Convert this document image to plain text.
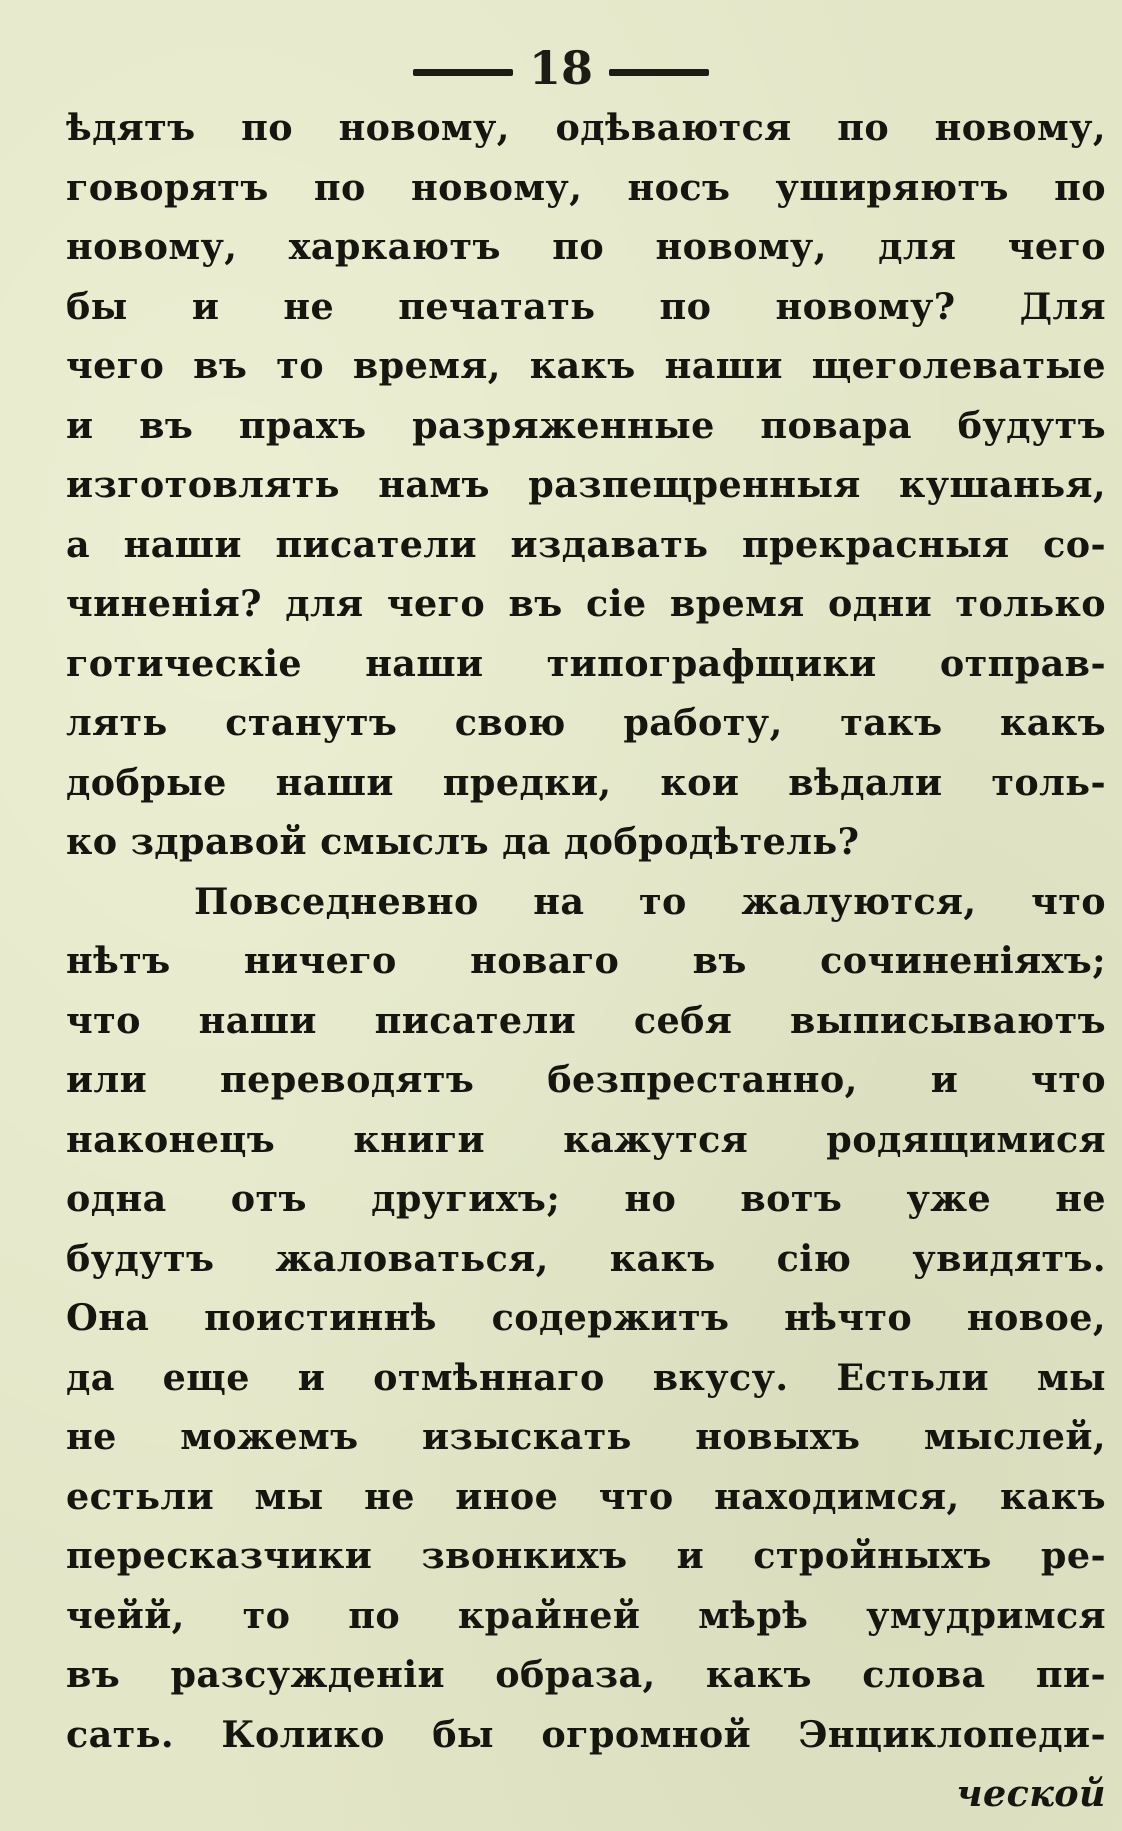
18
ѣдятъ по новому, одѣваются по новому,
говорятъ по новому, носъ уширяютъ по
новому, харкаютъ по новому, для чего
бы и не печатать по новому? Для
чего въ то время, какъ наши щеголеватые
и въ прахъ разряженные повара будутъ
изготовлять намъ разпещренныя кушанья,
а наши писатели издавать прекрасныя со-
чиненія? для чего въ сіе время одни только
готическіе наши типографщики отправ-
лять станутъ свою работу, такъ какъ
добрые наши предки, кои вѣдали толь-
ко здравой смыслъ да добродѣтель?
Повседневно на то жалуются, что
нѣтъ ничего новаго въ сочиненіяхъ;
что наши писатели себя выписываютъ
или переводятъ безпрестанно, и что
наконецъ книги кажутся родящимися
одна отъ другихъ; но вотъ уже не
будутъ жаловаться, какъ сію увидятъ.
Она поистиннѣ содержитъ нѣчто новое,
да еще и отмѣннаго вкусу. Естьли мы
не можемъ изыскать новыхъ мыслей,
естьли мы не иное что находимся, какъ
пересказчики звонкихъ и стройныхъ ре-
чейй, то по крайней мѣрѣ умудримся
въ разсужденіи образа, какъ слова пи-
сать. Колико бы огромной Энциклопеди-
ческой
